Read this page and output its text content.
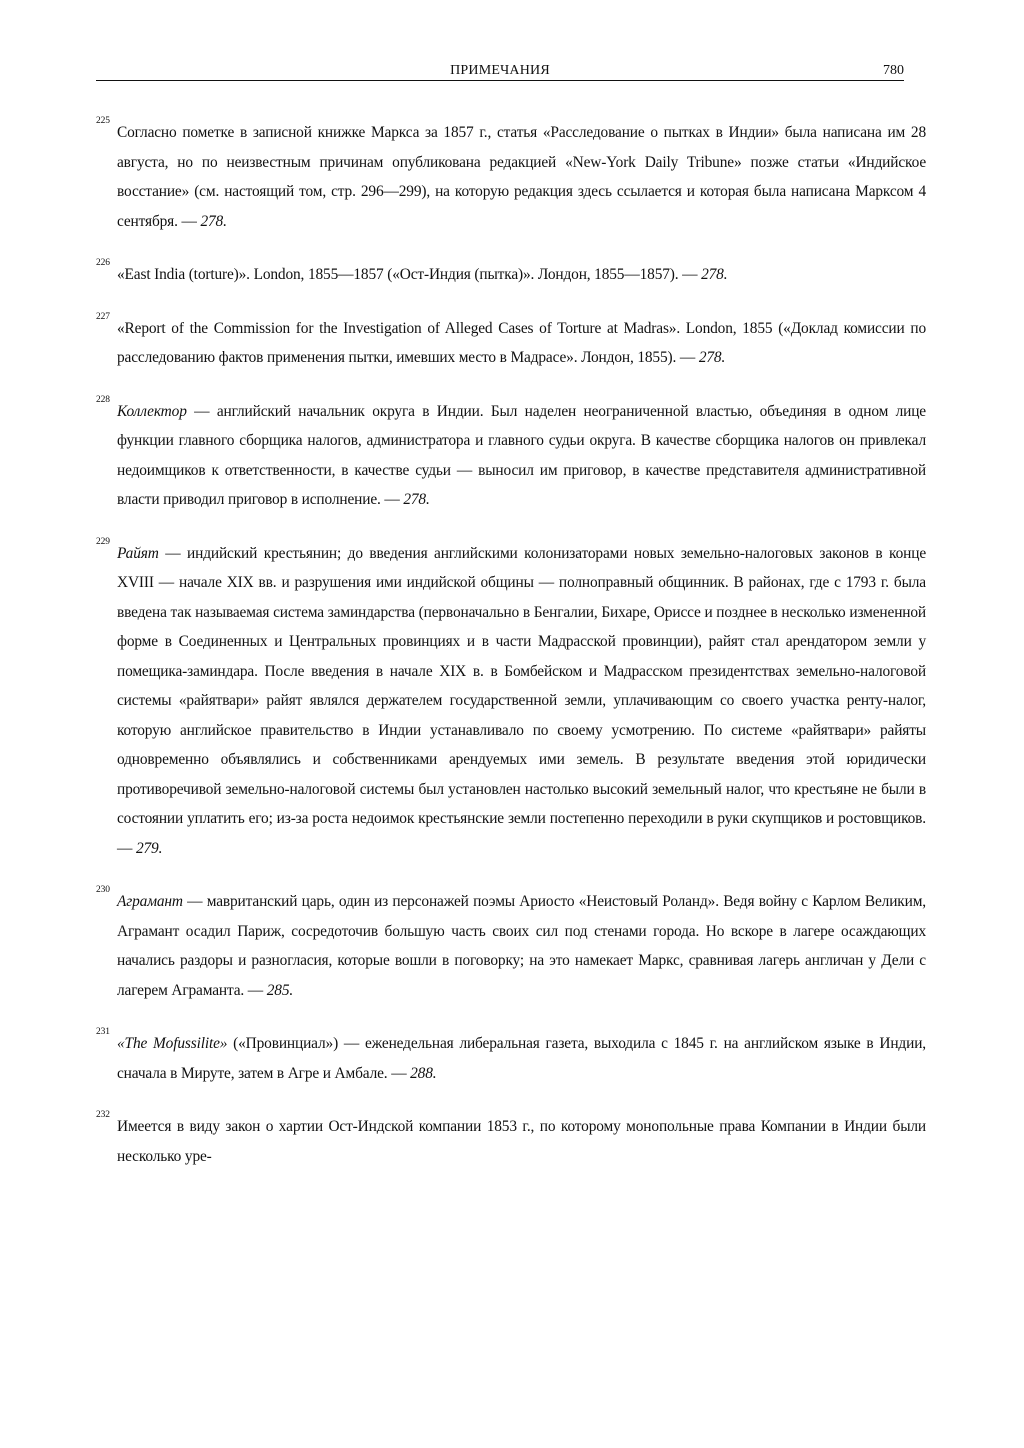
ПРИМЕЧАНИЯ	780

225
Согласно пометке в записной книжке Маркса за 1857 г., статья «Расследование о пытках в Индии» была написана им 28 августа, но по неизвестным причинам опубликована редакцией «New-York Daily Tribune» позже статьи «Индийское восстание» (см. настоящий том, стр. 296—299), на которую редакция здесь ссылается и которая была написана Марксом 4 сентября. — 278.

226
«East India (torture)». London, 1855—1857 («Ост-Индия (пытка)». Лондон, 1855—1857). — 278.

227
«Report of the Commission for the Investigation of Alleged Cases of Torture at Madras». London, 1855 («Доклад комиссии по расследованию фактов применения пытки, имевших место в Мадрасе». Лондон, 1855). — 278.

228
Коллектор — английский начальник округа в Индии. Был наделен неограниченной властью, объединяя в одном лице функции главного сборщика налогов, администратора и главного судьи округа. В качестве сборщика налогов он привлекал недоимщиков к ответственности, в качестве судьи — выносил им приговор, в качестве представителя административной власти приводил приговор в исполнение. — 278.

229
Райят — индийский крестьянин; до введения английскими колонизаторами новых земельно-налоговых законов в конце XVIII — начале XIX вв. и разрушения ими индийской общины — полноправный общинник. В районах, где с 1793 г. была введена так называемая система заминдарства (первоначально в Бенгалии, Бихаре, Ориссе и позднее в несколько измененной форме в Соединенных и Центральных провинциях и в части Мадрасской провинции), райят стал арендатором земли у помещика-заминдара. После введения в начале XIX в. в Бомбейском и Мадрасском президентствах земельно-налоговой системы «райятвари» райят являлся держателем государственной земли, уплачивающим со своего участка ренту-налог, которую английское правительство в Индии устанавливало по своему усмотрению. По системе «райятвари» райяты одновременно объявлялись и собственниками арендуемых ими земель. В результате введения этой юридически противоречивой земельно-налоговой системы был установлен настолько высокий земельный налог, что крестьяне не были в состоянии уплатить его; из-за роста недоимок крестьянские земли постепенно переходили в руки скупщиков и ростовщиков. — 279.

230
Аграмант — мавританский царь, один из персонажей поэмы Ариосто «Неистовый Роланд». Ведя войну с Карлом Великим, Аграмант осадил Париж, сосредоточив большую часть своих сил под стенами города. Но вскоре в лагере осаждающих начались раздоры и разногласия, которые вошли в поговорку; на это намекает Маркс, сравнивая лагерь англичан у Дели с лагерем Аграманта. — 285.

231
«The Mofussilite» («Провинциал») — еженедельная либеральная газета, выходила с 1845 г. на английском языке в Индии, сначала в Мируте, затем в Агре и Амбале. — 288.

232
Имеется в виду закон о хартии Ост-Индской компании 1853 г., по которому монопольные права Компании в Индии были несколько уре-
